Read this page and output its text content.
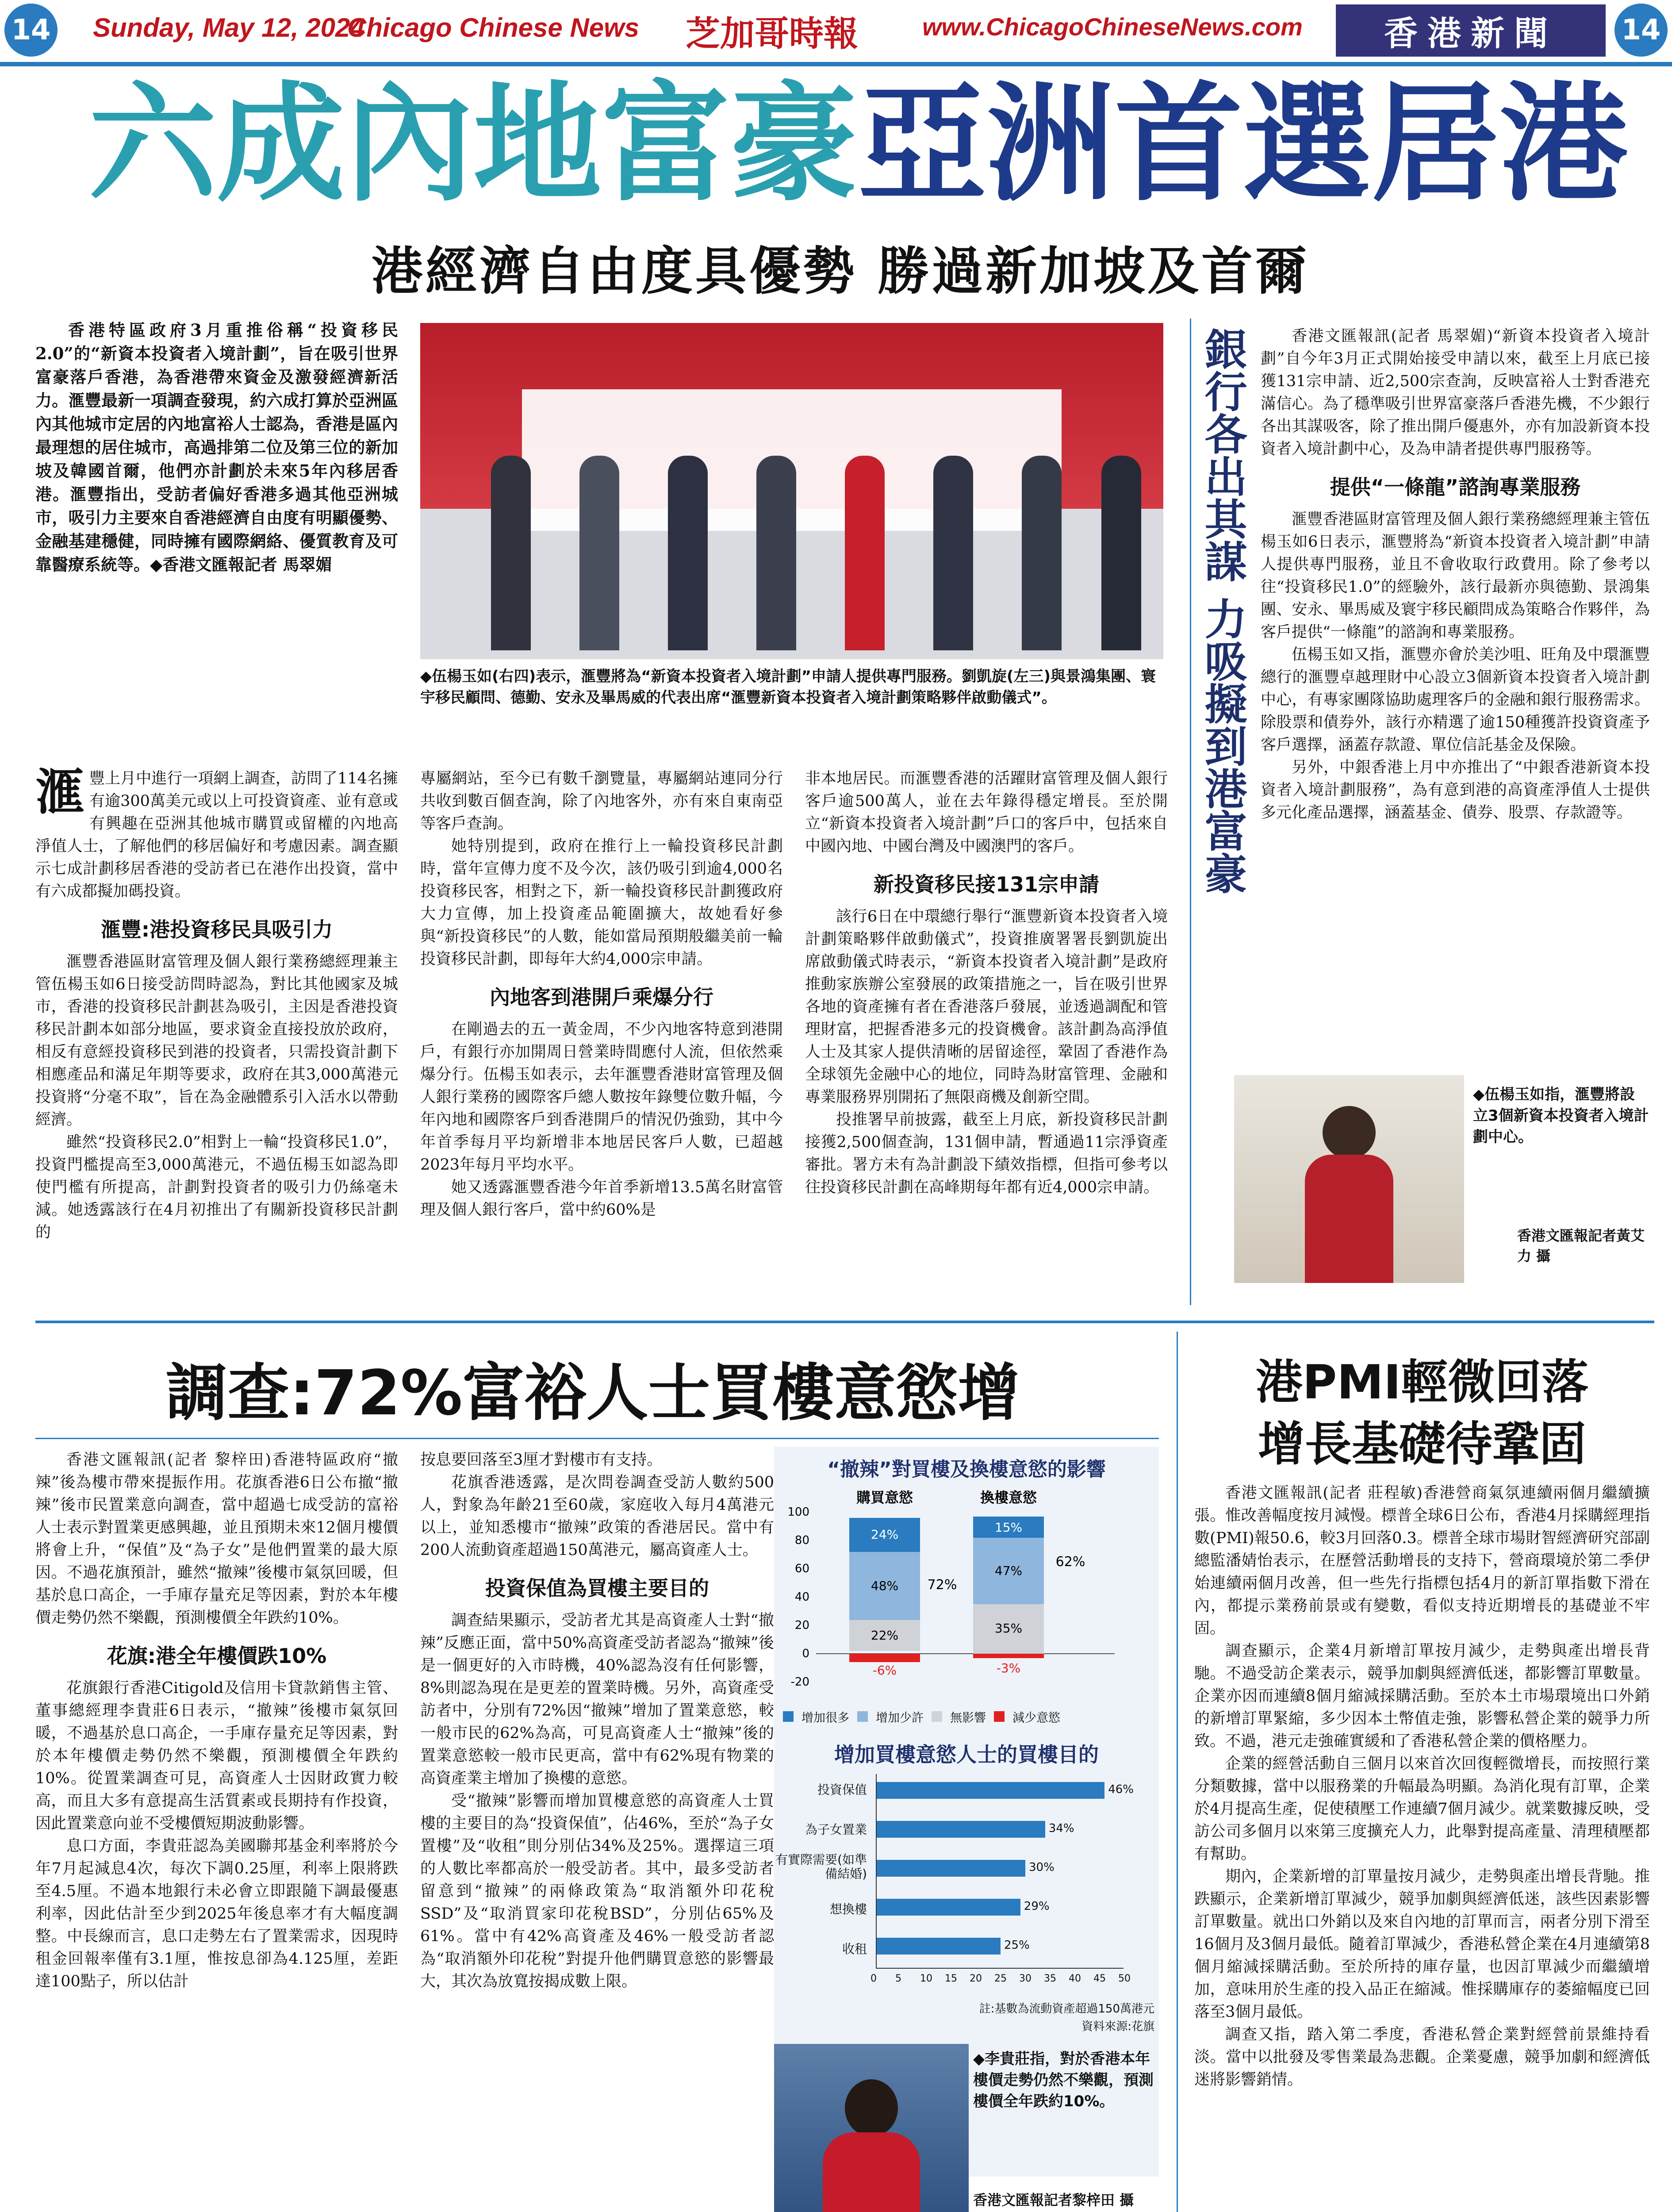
14 Sunday, May 12, 2024
Chicago Chinese News 芝加哥時報	www.ChicagoChineseNews.com	香港新聞	14
六成內地富豪亞洲首選居港
港經濟自由度具優勢 勝過新加坡及首爾

香港特區政府3月重推俗稱“投資移民2.0”的“新資本投資者入境計劃”，旨在吸引世界富豪落戶香港，為香港帶來資金及激發經濟新活力。滙豐最新一項調查發現，約六成打算於亞洲區內其他城市定居的內地富裕人士認為，香港是區內最理想的居住城市，高過排第二位及第三位的新加坡及韓國首爾，他們亦計劃於未來5年內移居香港。滙豐指出，受訪者偏好香港多過其他亞洲城市，吸引力主要來自香港經濟自由度有明顯優勢、金融基建穩健，同時擁有國際網絡、優質教育及可靠醫療系統等。◆香港文匯報記者 馬翠媚

◆伍楊玉如(右四)表示，滙豐將為“新資本投資者入境計劃”申請人提供專門服務。劉凱旋(左三)與景鴻集團、寰宇移民顧問、德勤、安永及畢馬威的代表出席“滙豐新資本投資者入境計劃策略夥伴啟動儀式”。

滙豐上月中進行一項網上調查，訪問了114名擁有逾300萬美元或以上可投資資產、並有意或有興趣在亞洲其他城市購買或留權的內地高淨值人士，了解他們的移居偏好和考慮因素。調查顯示七成計劃移居香港的受訪者已在港作出投資，當中有六成都擬加碼投資。

滙豐:港投資移民具吸引力

滙豐香港區財富管理及個人銀行業務總經理兼主管伍楊玉如6日接受訪問時認為，對比其他國家及城市，香港的投資移民計劃甚為吸引，主因是香港投資移民計劃本如部分地區，要求資金直接投放於政府，相反有意經投資移民到港的投資者，只需投資計劃下相應產品和滿足年期等要求，政府在其3,000萬港元投資將“分毫不取”，旨在為金融體系引入活水以帶動經濟。

雖然“投資移民2.0”相對上一輪“投資移民1.0”，投資門檻提高至3,000萬港元，不過伍楊玉如認為即使門檻有所提高，計劃對投資者的吸引力仍絲毫未減。她透露該行在4月初推出了有關新投資移民計劃的

專屬網站，至今已有數千瀏覽量，專屬網站連同分行共收到數百個查詢，除了內地客外，亦有來自東南亞等客戶查詢。

她特別提到，政府在推行上一輪投資移民計劃時，當年宣傳力度不及今次，該仍吸引到逾4,000名投資移民客，相對之下，新一輪投資移民計劃獲政府大力宣傳，加上投資產品範圍擴大，故她看好參與“新投資移民”的人數，能如當局預期般繼美前一輪投資移民計劃，即每年大約4,000宗申請。

內地客到港開戶乘爆分行

在剛過去的五一黃金周，不少內地客特意到港開戶，有銀行亦加開周日營業時間應付人流，但依然乘爆分行。伍楊玉如表示，去年滙豐香港財富管理及個人銀行業務的國際客戶總人數按年錄雙位數升幅，今年內地和國際客戶到香港開戶的情況仍強勁，其中今年首季每月平均新增非本地居民客戶人數，已超越2023年每月平均水平。

她又透露滙豐香港今年首季新增13.5萬名財富管理及個人銀行客戶，當中約60%是

非本地居民。而滙豐香港的活躍財富管理及個人銀行客戶逾500萬人，並在去年錄得穩定增長。至於開立“新資本投資者入境計劃”戶口的客戶中，包括來自中國內地、中國台灣及中國澳門的客戶。

新投資移民接131宗申請

該行6日在中環總行舉行“滙豐新資本投資者入境計劃策略夥伴啟動儀式”，投資推廣署署長劉凱旋出席啟動儀式時表示，“新資本投資者入境計劃”是政府推動家族辦公室發展的政策措施之一，旨在吸引世界各地的資產擁有者在香港落戶發展，並透過調配和管理財富，把握香港多元的投資機會。該計劃為高淨值人士及其家人提供清晰的居留途徑，鞏固了香港作為全球領先金融中心的地位，同時為財富管理、金融和專業服務界別開拓了無限商機及創新空間。

投推署早前披露，截至上月底，新投資移民計劃接獲2,500個查詢，131個申請，暫通過11宗淨資產審批。署方未有為計劃設下績效指標，但指可參考以往投資移民計劃在高峰期每年都有近4,000宗申請。

銀行各出其謀 力吸擬到港富豪	香港文匯報訊(記者 馬翠媚)“新資本投資者入境計劃”自今年3月正式開始接受申請以來，截至上月底已接獲131宗申請、近2,500宗查詢，反映富裕人士對香港充滿信心。為了穩準吸引世界富豪落戶香港先機，不少銀行各出其謀吸客，除了推出開戶優惠外，亦有加設新資本投資者入境計劃中心，及為申請者提供專門服務等。

提供“一條龍”諮詢專業服務

滙豐香港區財富管理及個人銀行業務總經理兼主管伍楊玉如6日表示，滙豐將為“新資本投資者入境計劃”申請人提供專門服務，並且不會收取行政費用。除了參考以往“投資移民1.0”的經驗外，該行最新亦與德勤、景鴻集團、安永、畢馬威及寰宇移民顧問成為策略合作夥伴，為客戶提供“一條龍”的諮詢和專業服務。

伍楊玉如又指，滙豐亦會於美沙咀、旺角及中環滙豐總行的滙豐卓越理財中心設立3個新資本投資者入境計劃中心，有專家團隊協助處理客戶的金融和銀行服務需求。除股票和債券外，該行亦精選了逾150種獲許投資資產予客戶選擇，涵蓋存款證、單位信託基金及保險。

另外，中銀香港上月中亦推出了“中銀香港新資本投資者入境計劃服務”，為有意到港的高資產淨值人士提供多元化產品選擇，涵蓋基金、債券、股票、存款證等。

◆伍楊玉如指，滙豐將設立3個新資本投資者入境計劃中心。
香港文匯報記者黃艾力 攝
調查:72%富裕人士買樓意慾增

香港文匯報訊(記者 黎梓田)香港特區政府“撤辣”後為樓市帶來提振作用。花旗香港6日公布撤“撤辣”後市民置業意向調查，當中超過七成受訪的富裕人士表示對置業更感興趣，並且預期未來12個月樓價將會上升，“保值”及“為子女”是他們置業的最大原因。不過花旗預計，雖然“撤辣”後樓市氣氛回暖，但基於息口高企，一手庫存量充足等因素，對於本年樓價走勢仍然不樂觀，預測樓價全年跌約10%。

花旗:港全年樓價跌10%

花旗銀行香港Citigold及信用卡貸款銷售主管、董事總經理李貴莊6日表示，“撤辣”後樓市氣氛回暖，不過基於息口高企，一手庫存量充足等因素，對於本年樓價走勢仍然不樂觀，預測樓價全年跌約10%。從置業調查可見，高資產人士因財政實力較高，而且大多有意提高生活質素或長期持有作投資，因此置業意向並不受樓價短期波動影響。

息口方面，李貴莊認為美國聯邦基金利率將於今年7月起減息4次，每次下調0.25厘，利率上限將跌至4.5厘。不過本地銀行未必會立即跟隨下調最優惠利率，因此估計至少到2025年後息率才有大幅度調整。中長線而言，息口走勢左右了置業需求，因現時租金回報率僅有3.1厘，惟按息卻為4.125厘，差距達100點子，所以估計

按息要回落至3厘才對樓市有支持。

花旗香港透露，是次問卷調查受訪人數約500人，對象為年齡21至60歲，家庭收入每月4萬港元以上，並知悉樓市“撤辣”政策的香港居民。當中有200人流動資產超過150萬港元，屬高資產人士。

投資保值為買樓主要目的

調查結果顯示，受訪者尤其是高資產人士對“撤辣”反應正面，當中50%高資產受訪者認為“撤辣”後是一個更好的入市時機，40%認為沒有任何影響，8%則認為現在是更差的置業時機。另外，高資產受訪者中，分別有72%因“撤辣”增加了置業意慾，較一般市民的62%為高，可見高資產人士“撤辣”後的置業意慾較一般市民更高，當中有62%現有物業的高資產業主增加了換樓的意慾。

受“撤辣”影響而增加買樓意慾的高資產人士買樓的主要目的為“投資保值”，佔46%，至於“為子女置樓”及“收租”則分別佔34%及25%。選擇這三項的人數比率都高於一般受訪者。其中，最多受訪者留意到“撤辣”的兩條政策為“取消額外印花稅SSD”及“取消買家印花稅BSD”，分別佔65%及61%。當中有42%高資產及46%一般受訪者認為“取消額外印花稅”對提升他們購買意慾的影響最大，其次為放寬按揭成數上限。

“撤辣”對買樓及換樓意慾的影響
購買意慾	換樓意慾
100
80
60
40
20
0
-20
24%
48%
22%
-6%
72%
15%
47%
35%
-3%
62%
增加很多 增加少許 無影響 減少意慾
增加買樓意慾人士的買樓目的
投資保值
為子女置業
有實際需要(如準備結婚)
想換樓
收租
46%
34%
30%
29%
25%
0 5 10 15 20 25 30 35 40 45 50
註:基數為流動資產超過150萬港元
資料來源:花旗
◆李貴莊指，對於香港本年樓價走勢仍然不樂觀，預測樓價全年跌約10%。
香港文匯報記者黎梓田 攝
港PMI輕微回落
增長基礎待鞏固

香港文匯報訊(記者 莊程敏)香港營商氣氛連續兩個月繼續擴張。惟改善幅度按月減慢。標普全球6日公布，香港4月採購經理指數(PMI)報50.6，較3月回落0.3。標普全球市場財智經濟研究部副總監潘婧怡表示，在歷營活動增長的支持下，營商環境於第二季伊始連續兩個月改善，但一些先行指標包括4月的新訂單指數下滑在內，都提示業務前景或有變數，看似支持近期增長的基礎並不牢固。

調查顯示，企業4月新增訂單按月減少，走勢與產出增長背馳。不過受訪企業表示，競爭加劇與經濟低迷，都影響訂單數量。企業亦因而連續8個月縮減採購活動。至於本土市場環境出口外銷的新增訂單緊縮，多少因本土幣值走強，影響私營企業的競爭力所致。不過，港元走強確實緩和了香港私營企業的價格壓力。

企業的經營活動自三個月以來首次回復輕微增長，而按照行業分類數據，當中以服務業的升幅最為明顯。為消化現有訂單，企業於4月提高生產，促使積壓工作連續7個月減少。就業數據反映，受訪公司多個月以來第三度擴充人力，此舉對提高產量、清理積壓都有幫助。

期內，企業新增的訂單量按月減少，走勢與產出增長背馳。推跌顯示，企業新增訂單減少，競爭加劇與經濟低迷，該些因素影響訂單數量。就出口外銷以及來自內地的訂單而言，兩者分別下滑至16個月及3個月最低。隨着訂單減少，香港私營企業在4月連續第8個月縮減採購活動。至於所持的庫存量，也因訂單減少而繼續增加，意味用於生產的投入品正在縮減。惟採購庫存的萎縮幅度已回落至3個月最低。

調查又指，踏入第二季度，香港私營企業對經營前景維持看淡。當中以批發及零售業最為悲觀。企業憂慮，競爭加劇和經濟低迷將影響銷情。
